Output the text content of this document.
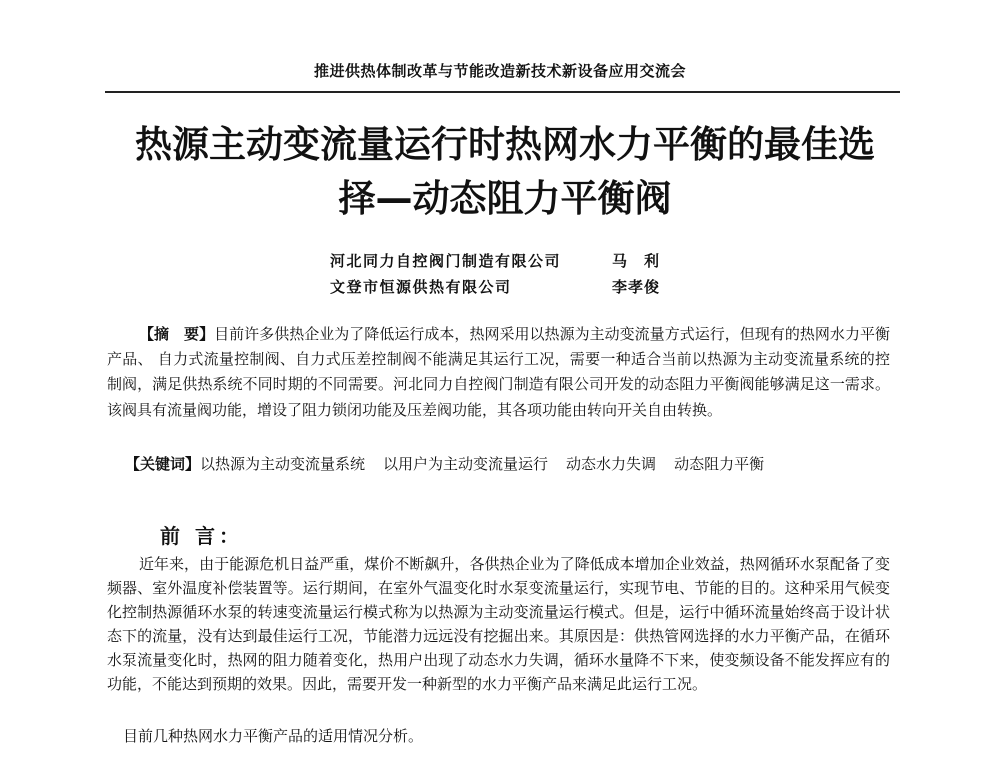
推进供热体制改革与节能改造新技术新设备应用交流会
热源主动变流量运行时热网水力平衡的最佳选
择—动态阻力平衡阀
河北同力自控阀门制造有限公司	马　利
文登市恒源供热有限公司	李孝俊

【摘　要】目前许多供热企业为了降低运行成本，热网采用以热源为主动变流量方式运行，但现有的热网水力平衡产品、 自力式流量控制阀、自力式压差控制阀不能满足其运行工况，需要一种适合当前以热源为主动变流量系统的控制阀，满足供热系统不同时期的不同需要。河北同力自控阀门制造有限公司开发的动态阻力平衡阀能够满足这一需求。该阀具有流量阀功能，增设了阻力锁闭功能及压差阀功能，其各项功能由转向开关自由转换。

【关键词】以热源为主动变流量系统 以用户为主动变流量运行 动态水力失调 动态阻力平衡

前 言：

近年来，由于能源危机日益严重，煤价不断飙升，各供热企业为了降低成本增加企业效益，热网循环水泵配备了变频器、室外温度补偿装置等。运行期间，在室外气温变化时水泵变流量运行，实现节电、节能的目的。这种采用气候变化控制热源循环水泵的转速变流量运行模式称为以热源为主动变流量运行模式。但是，运行中循环流量始终高于设计状态下的流量，没有达到最佳运行工况，节能潜力远远没有挖掘出来。其原因是：供热管网选择的水力平衡产品，在循环水泵流量变化时，热网的阻力随着变化，热用户出现了动态水力失调，循环水量降不下来，使变频设备不能发挥应有的功能，不能达到预期的效果。因此，需要开发一种新型的水力平衡产品来满足此运行工况。

目前几种热网水力平衡产品的适用情况分析。
